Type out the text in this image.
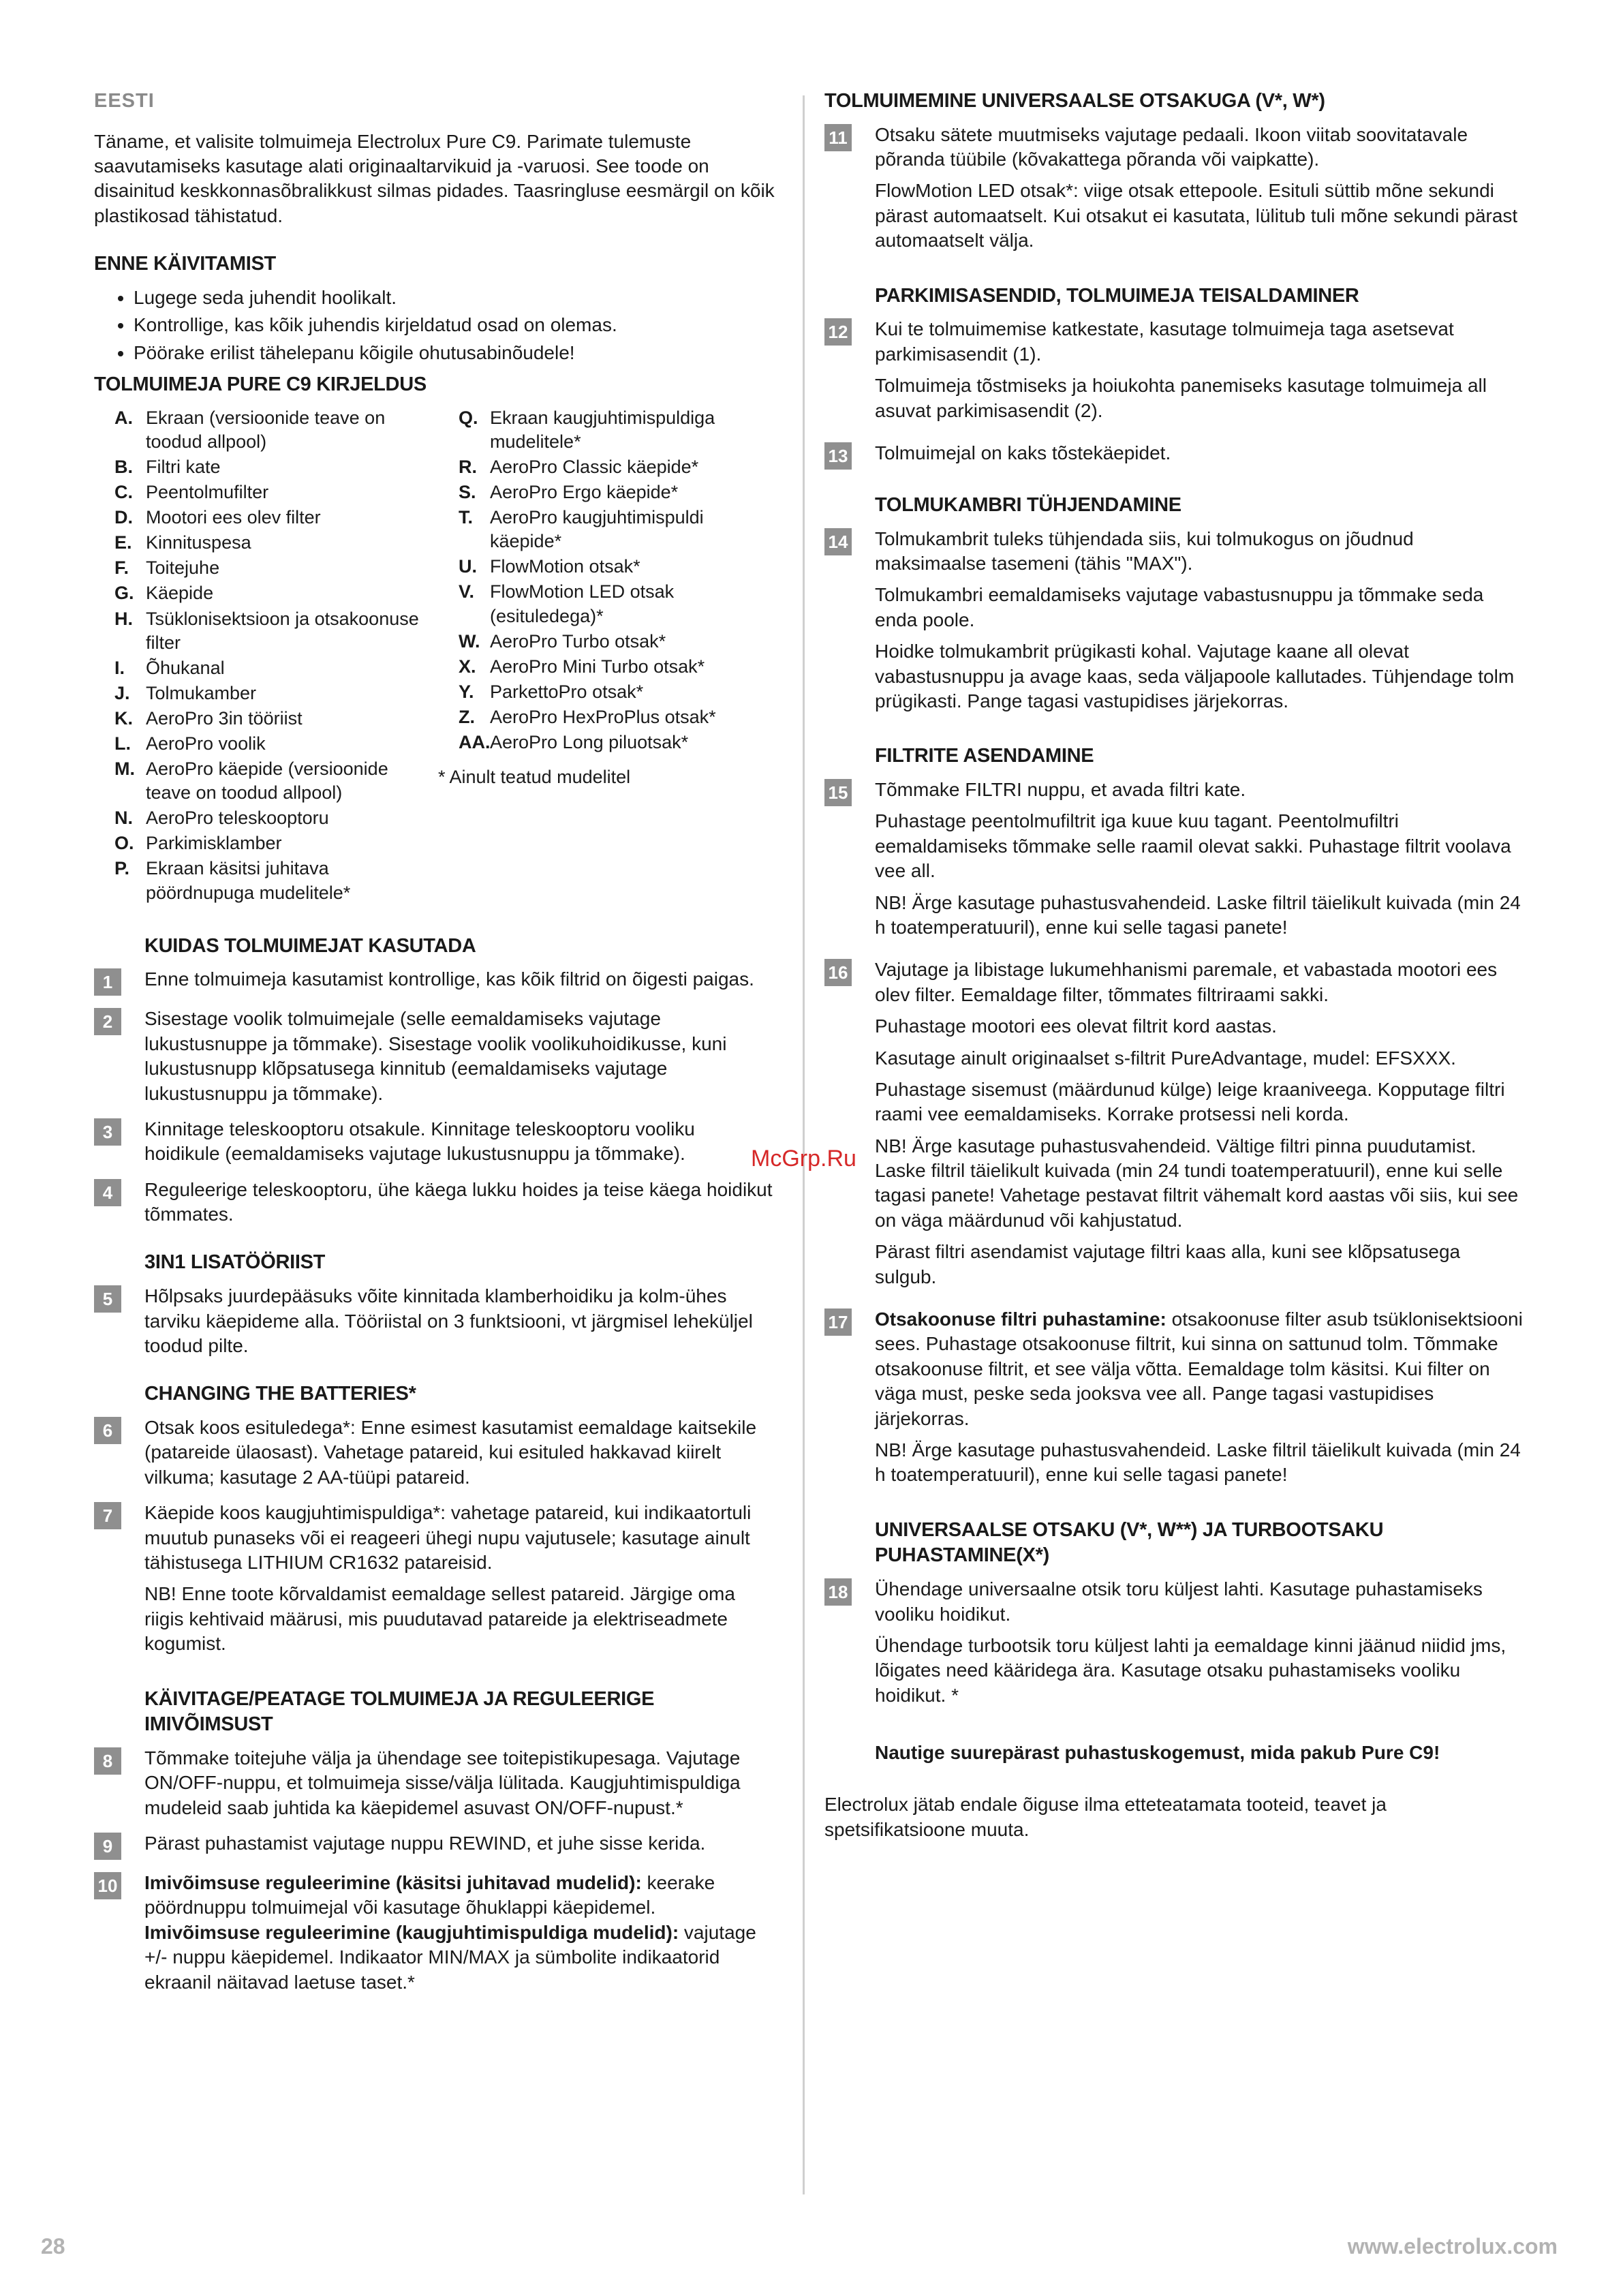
EESTI

Täname, et valisite tolmuimeja Electrolux Pure C9. Parimate tulemuste saavutamiseks kasutage alati originaaltarvikuid ja -varuosi. See toode on disainitud keskkonnasõbralikkust silmas pidades. Taasringluse eesmärgil on kõik plastikosad tähistatud.

ENNE KÄIVITAMIST
• Lugege seda juhendit hoolikalt.
• Kontrollige, kas kõik juhendis kirjeldatud osad on olemas.
• Pöörake erilist tähelepanu kõigile ohutusabinõudele!
TOLMUIMEJA PURE C9 KIRJELDUS
A. Ekraan (versioonide teave on toodud allpool)
B. Filtri kate
C. Peentolmufilter
D. Mootori ees olev filter
E. Kinnituspesa
F. Toitejuhe
G. Käepide
H. Tsüklonisektsioon ja otsakoonuse filter
I.	Õhukanal
J. Tolmukamber
K. AeroPro 3in tööriist
L. AeroPro voolik
M. AeroPro käepide (versioonide teave on toodud allpool)
N. AeroPro teleskooptoru
O. Parkimisklamber
P. Ekraan käsitsi juhitava pöördnupuga mudelitele*
Q. Ekraan kaugjuhtimispuldiga mudelitele*
R. AeroPro Classic käepide*
S. AeroPro Ergo käepide*
T. AeroPro kaugjuhtimispuldi käepide*
U. FlowMotion otsak*
V. FlowMotion LED otsak (esituledega)*
W. AeroPro Turbo otsak*
X. AeroPro Mini Turbo otsak*
Y. ParkettoPro otsak*
Z. AeroPro HexProPlus otsak*
AA. AeroPro Long piluotsak*
* Ainult teatud mudelitel
KUIDAS TOLMUIMEJAT KASUTADA
1	Enne tolmuimeja kasutamist kontrollige, kas kõik filtrid on õigesti paigas.
2	Sisestage voolik tolmuimejale (selle eemaldamiseks vajutage lukustusnuppe ja tõmmake). Sisestage voolik voolikuhoidikusse, kuni lukustusnupp klõpsatusega kinnitub (eemaldamiseks vajutage lukustusnuppu ja tõmmake).
3	Kinnitage teleskooptoru otsakule. Kinnitage teleskooptoru vooliku hoidikule (eemaldamiseks vajutage lukustusnuppu ja tõmmake).
4	Reguleerige teleskooptoru, ühe käega lukku hoides ja teise käega hoidikut tõmmates.
3IN1 LISATÖÖRIIST
5	Hõlpsaks juurdepääsuks võite kinnitada klamberhoidiku ja kolm-ühes tarviku käepideme alla. Tööriistal on 3 funktsiooni, vt järgmisel leheküljel toodud pilte.
CHANGING THE BATTERIES*
6	Otsak koos esituledega*: Enne esimest kasutamist eemaldage kaitsekile (patareide ülaosast). Vahetage patareid, kui esituled hakkavad kiirelt vilkuma; kasutage 2 AA-tüüpi patareid.
7	Käepide koos kaugjuhtimispuldiga*: vahetage patareid, kui indikaatortuli muutub punaseks või ei reageeri ühegi nupu vajutusele; kasutage ainult tähistusega LITHIUM CR1632 patareisid.

NB! Enne toote kõrvaldamist eemaldage sellest patareid. Järgige oma riigis kehtivaid määrusi, mis puudutavad patareide ja elektriseadmete kogumist.

KÄIVITAGE/PEATAGE TOLMUIMEJA JA REGULEERIGE IMIVÕIMSUST
8	Tõmmake toitejuhe välja ja ühendage see toitepistikupesaga. Vajutage ON/OFF-nuppu, et tolmuimeja sisse/välja lülitada. Kaugjuhtimispuldiga mudeleid saab juhtida ka käepidemel asuvast ON/OFF-nupust.*
9	Pärast puhastamist vajutage nuppu REWIND, et juhe sisse kerida.
10 Imivõimsuse reguleerimine (käsitsi juhitavad mudelid): keerake pöördnuppu tolmuimejal või kasutage õhuklappi käepidemel.
Imivõimsuse reguleerimine (kaugjuhtimispuldiga mudelid): vajutage +/- nuppu käepidemel. Indikaator MIN/MAX ja sümbolite indikaatorid ekraanil näitavad laetuse taset.*
TOLMUIMEMINE UNIVERSAALSE OTSAKUGA (V*, W*)
11 Otsaku sätete muutmiseks vajutage pedaali. Ikoon viitab soovitatavale põranda tüübile (kõvakattega põranda või vaipkatte).

FlowMotion LED otsak*: viige otsak ettepoole. Esituli süttib mõne sekundi pärast automaatselt. Kui otsakut ei kasutata, lülitub tuli mõne sekundi pärast automaatselt välja.

PARKIMISASENDID, TOLMUIMEJA TEISALDAMINER
12 Kui te tolmuimemise katkestate, kasutage tolmuimeja taga asetsevat parkimisasendit (1).

Tolmuimeja tõstmiseks ja hoiukohta panemiseks kasutage tolmuimeja all asuvat parkimisasendit (2).

13 Tolmuimejal on kaks tõstekäepidet.
TOLMUKAMBRI TÜHJENDAMINE
14 Tolmukambrit tuleks tühjendada siis, kui tolmukogus on jõudnud maksimaalse tasemeni (tähis "MAX").

Tolmukambri eemaldamiseks vajutage vabastusnuppu ja tõmmake seda enda poole.

Hoidke tolmukambrit prügikasti kohal. Vajutage kaane all olevat vabastusnuppu ja avage kaas, seda väljapoole kallutades. Tühjendage tolm prügikasti. Pange tagasi vastupidises järjekorras.

FILTRITE ASENDAMINE
15 Tõmmake FILTRI nuppu, et avada filtri kate.

Puhastage peentolmufiltrit iga kuue kuu tagant. Peentolmufiltri eemaldamiseks tõmmake selle raamil olevat sakki. Puhastage filtrit voolava vee all.

NB! Ärge kasutage puhastusvahendeid. Laske filtril täielikult kuivada (min 24 h toatemperatuuril), enne kui selle tagasi panete!

16 Vajutage ja libistage lukumehhanismi paremale, et vabastada mootori ees olev filter. Eemaldage filter, tõmmates filtriraami sakki.

Puhastage mootori ees olevat filtrit kord aastas.

Kasutage ainult originaalset s-filtrit PureAdvantage, mudel: EFSXXX.

Puhastage sisemust (määrdunud külge) leige kraaniveega. Kopputage filtri raami vee eemaldamiseks. Korrake protsessi neli korda.

NB! Ärge kasutage puhastusvahendeid. Vältige filtri pinna puudutamist. Laske filtril täielikult kuivada (min 24 tundi toatemperatuuril), enne kui selle tagasi panete! Vahetage pestavat filtrit vähemalt kord aastas või siis, kui see on väga määrdunud või kahjustatud.

Pärast filtri asendamist vajutage filtri kaas alla, kuni see klõpsatusega sulgub.

17 Otsakoonuse filtri puhastamine: otsakoonuse filter asub tsüklonisektsiooni sees. Puhastage otsakoonuse filtrit, kui sinna on sattunud tolm. Tõmmake otsakoonuse filtrit, et see välja võtta. Eemaldage tolm käsitsi. Kui filter on väga must, peske seda jooksva vee all. Pange tagasi vastupidises järjekorras.

NB! Ärge kasutage puhastusvahendeid. Laske filtril täielikult kuivada (min 24 h toatemperatuuril), enne kui selle tagasi panete!

UNIVERSAALSE OTSAKU (V*, W**) JA TURBOOTSAKU PUHASTAMINE(X*)
18 Ühendage universaalne otsik toru küljest lahti. Kasutage puhastamiseks vooliku hoidikut.

Ühendage turbootsik toru küljest lahti ja eemaldage kinni jäänud niidid jms, lõigates need kääridega ära. Kasutage otsaku puhastamiseks vooliku hoidikut. *

Nautige suurepärast puhastuskogemust, mida pakub Pure C9!

Electrolux jätab endale õiguse ilma etteteatamata tooteid, teavet ja spetsifikatsioone muuta.

McGrp.Ru
28	www.electrolux.com
